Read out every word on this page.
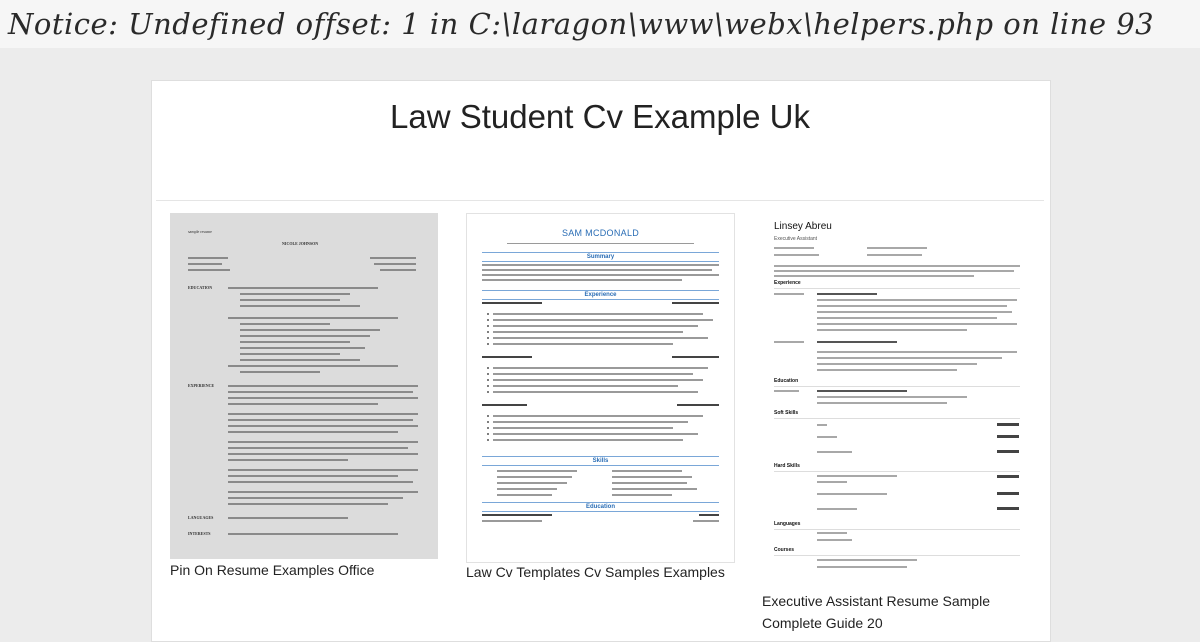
Notice: Undefined offset: 1 in C:\laragon\www\webx\helpers.php on line 93
Law Student Cv Example Uk
sample resume
NICOLE JOHNSON
EDUCATION
EXPERIENCE
LANGUAGES
INTERESTS
Pin On Resume Examples Office
SAM MCDONALD

Summary
Experience
Skills
Education
Law Cv Templates Cv Samples Examples
Linsey Abreu
Executive Assistant
Experience
Education
Soft Skills
Hard Skills
Languages
Courses
Executive Assistant Resume Sample Complete Guide 20
